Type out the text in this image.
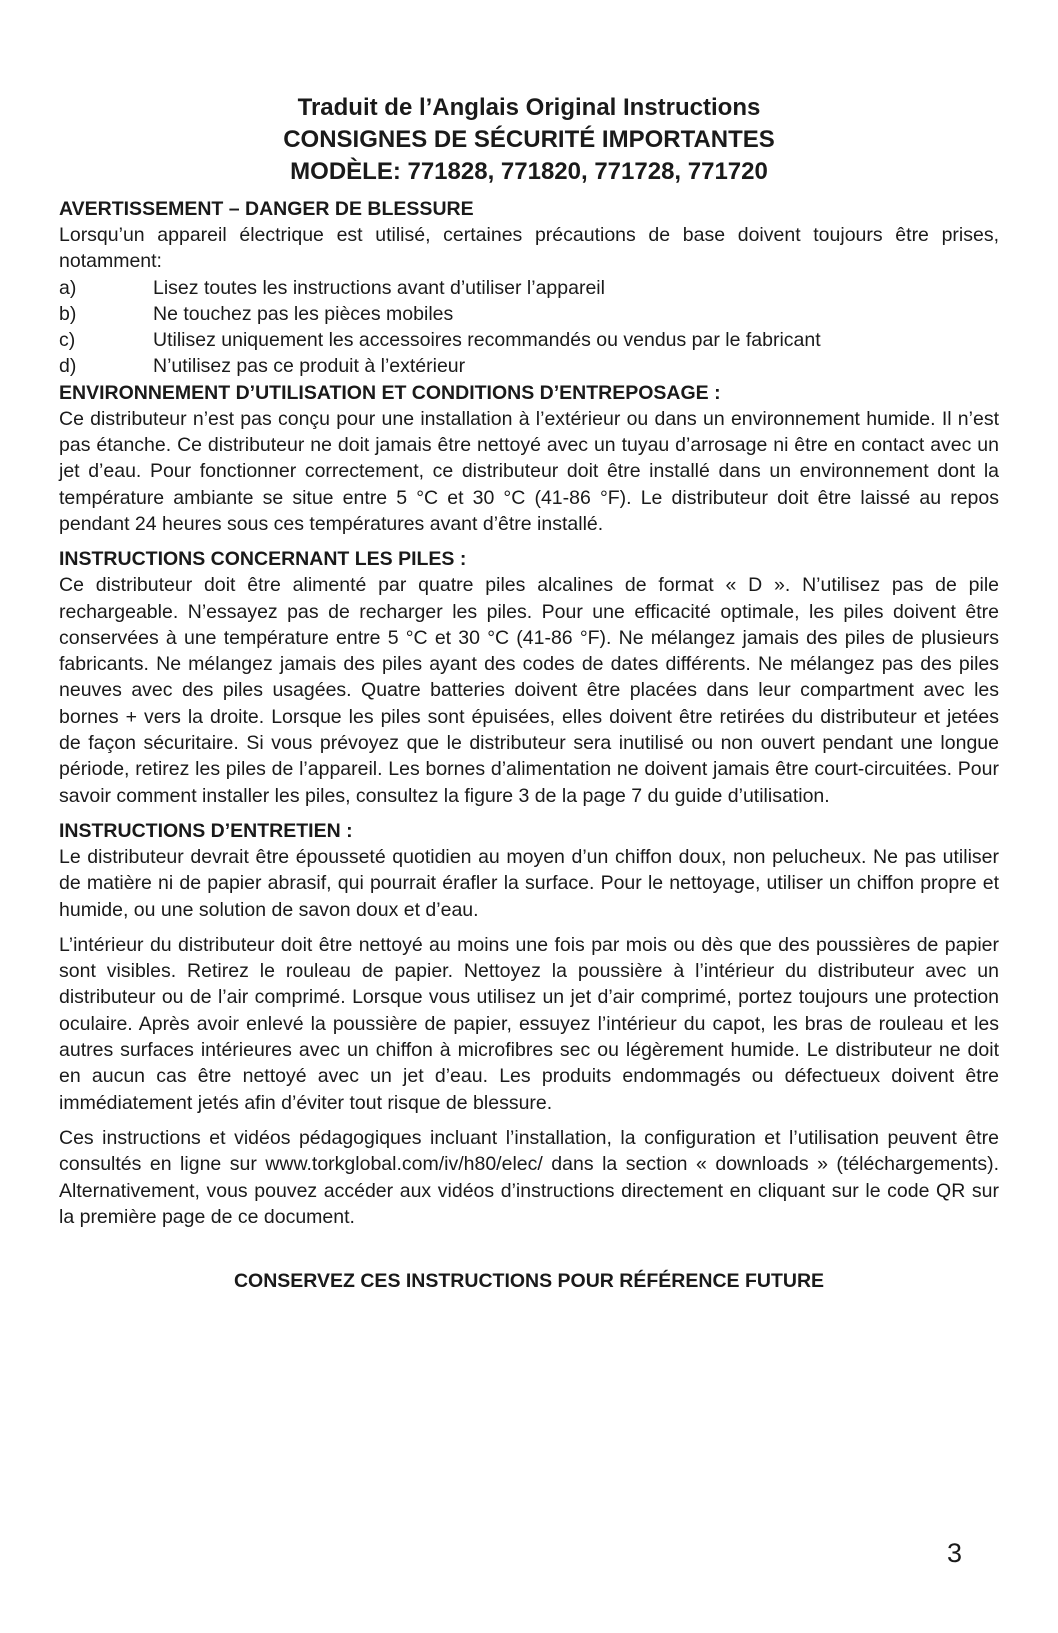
Traduit de l’Anglais Original Instructions
CONSIGNES DE SÉCURITÉ IMPORTANTES
MODÈLE: 771828, 771820, 771728, 771720
AVERTISSEMENT – DANGER DE BLESSURE

Lorsqu’un appareil électrique est utilisé, certaines précautions de base doivent toujours être prises, notamment:

a)	Lisez toutes les instructions avant d’utiliser l’appareil
b)	Ne touchez pas les pièces mobiles
c)	Utilisez uniquement les accessoires recommandés ou vendus par le fabricant
d)	N’utilisez pas ce produit à l’extérieur
ENVIRONNEMENT D’UTILISATION ET CONDITIONS D’ENTREPOSAGE :

Ce distributeur n’est pas conçu pour une installation à l’extérieur ou dans un environnement humide. Il n’est pas étanche. Ce distributeur ne doit jamais être nettoyé avec un tuyau d’arrosage ni être en contact avec un jet d’eau. Pour fonctionner correctement, ce distributeur doit être installé dans un environnement dont la température ambiante se situe entre 5 °C et 30 °C (41-86 °F). Le distributeur doit être laissé au repos pendant 24 heures sous ces températures avant d’être installé.

INSTRUCTIONS CONCERNANT LES PILES :

Ce distributeur doit être alimenté par quatre piles alcalines de format « D ». N’utilisez pas de pile rechargeable. N’essayez pas de recharger les piles. Pour une efficacité optimale, les piles doivent être conservées à une température entre 5 °C et 30 °C (41-86 °F). Ne mélangez jamais des piles de plusieurs fabricants. Ne mélangez jamais des piles ayant des codes de dates différents. Ne mélangez pas des piles neuves avec des piles usagées. Quatre batteries doivent être placées dans leur compartment avec les bornes + vers la droite. Lorsque les piles sont épuisées, elles doivent être retirées du distributeur et jetées de façon sécuritaire. Si vous prévoyez que le distributeur sera inutilisé ou non ouvert pendant une longue période, retirez les piles de l’appareil. Les bornes d’alimentation ne doivent jamais être court-circuitées. Pour savoir comment installer les piles, consultez la figure 3 de la page 7 du guide d’utilisation.

INSTRUCTIONS D’ENTRETIEN :

Le distributeur devrait être épousseté quotidien au moyen d’un chiffon doux, non pelucheux. Ne pas utiliser de matière ni de papier abrasif, qui pourrait érafler la surface. Pour le nettoyage, utiliser un chiffon propre et humide, ou une solution de savon doux et d’eau.

L’intérieur du distributeur doit être nettoyé au moins une fois par mois ou dès que des poussières de papier sont visibles. Retirez le rouleau de papier. Nettoyez la poussière à l’intérieur du distributeur avec un distributeur ou de l’air comprimé. Lorsque vous utilisez un jet d’air comprimé, portez toujours une protection oculaire. Après avoir enlevé la poussière de papier, essuyez l’intérieur du capot, les bras de rouleau et les autres surfaces intérieures avec un chiffon à microfibres sec ou légèrement humide. Le distributeur ne doit en aucun cas être nettoyé avec un jet d’eau. Les produits endommagés ou défectueux doivent être immédiatement jetés afin d’éviter tout risque de blessure.

Ces instructions et vidéos pédagogiques incluant l’installation, la configuration et l’utilisation peuvent être consultés en ligne sur www.torkglobal.com/iv/h80/elec/ dans la section « downloads » (téléchargements). Alternativement, vous pouvez accéder aux vidéos d’instructions directement en cliquant sur le code QR sur la première page de ce document.

CONSERVEZ CES INSTRUCTIONS POUR RÉFÉRENCE FUTURE
3
